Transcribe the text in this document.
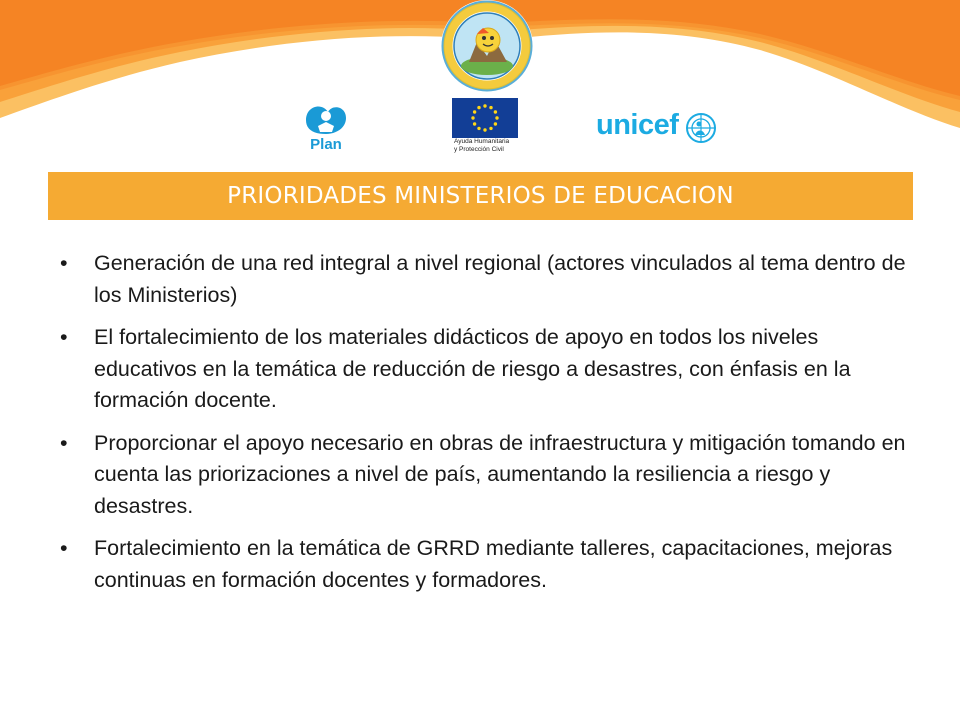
Plan	Ayuda Humanitaria
y Protección Civil
unicef
PRIORIDADES MINISTERIOS DE EDUCACION
•	Generación de una red integral a nivel regional (actores vinculados al tema dentro de los Ministerios)
•	El fortalecimiento de los materiales didácticos de apoyo en todos los niveles educativos en la temática de reducción de riesgo a desastres, con énfasis en la formación docente.
•	Proporcionar el apoyo necesario en obras de infraestructura y mitigación tomando en cuenta las priorizaciones a nivel de país, aumentando la resiliencia a riesgo y desastres.
•	Fortalecimiento en la temática de GRRD mediante talleres, capacitaciones, mejoras continuas en formación docentes y formadores.
